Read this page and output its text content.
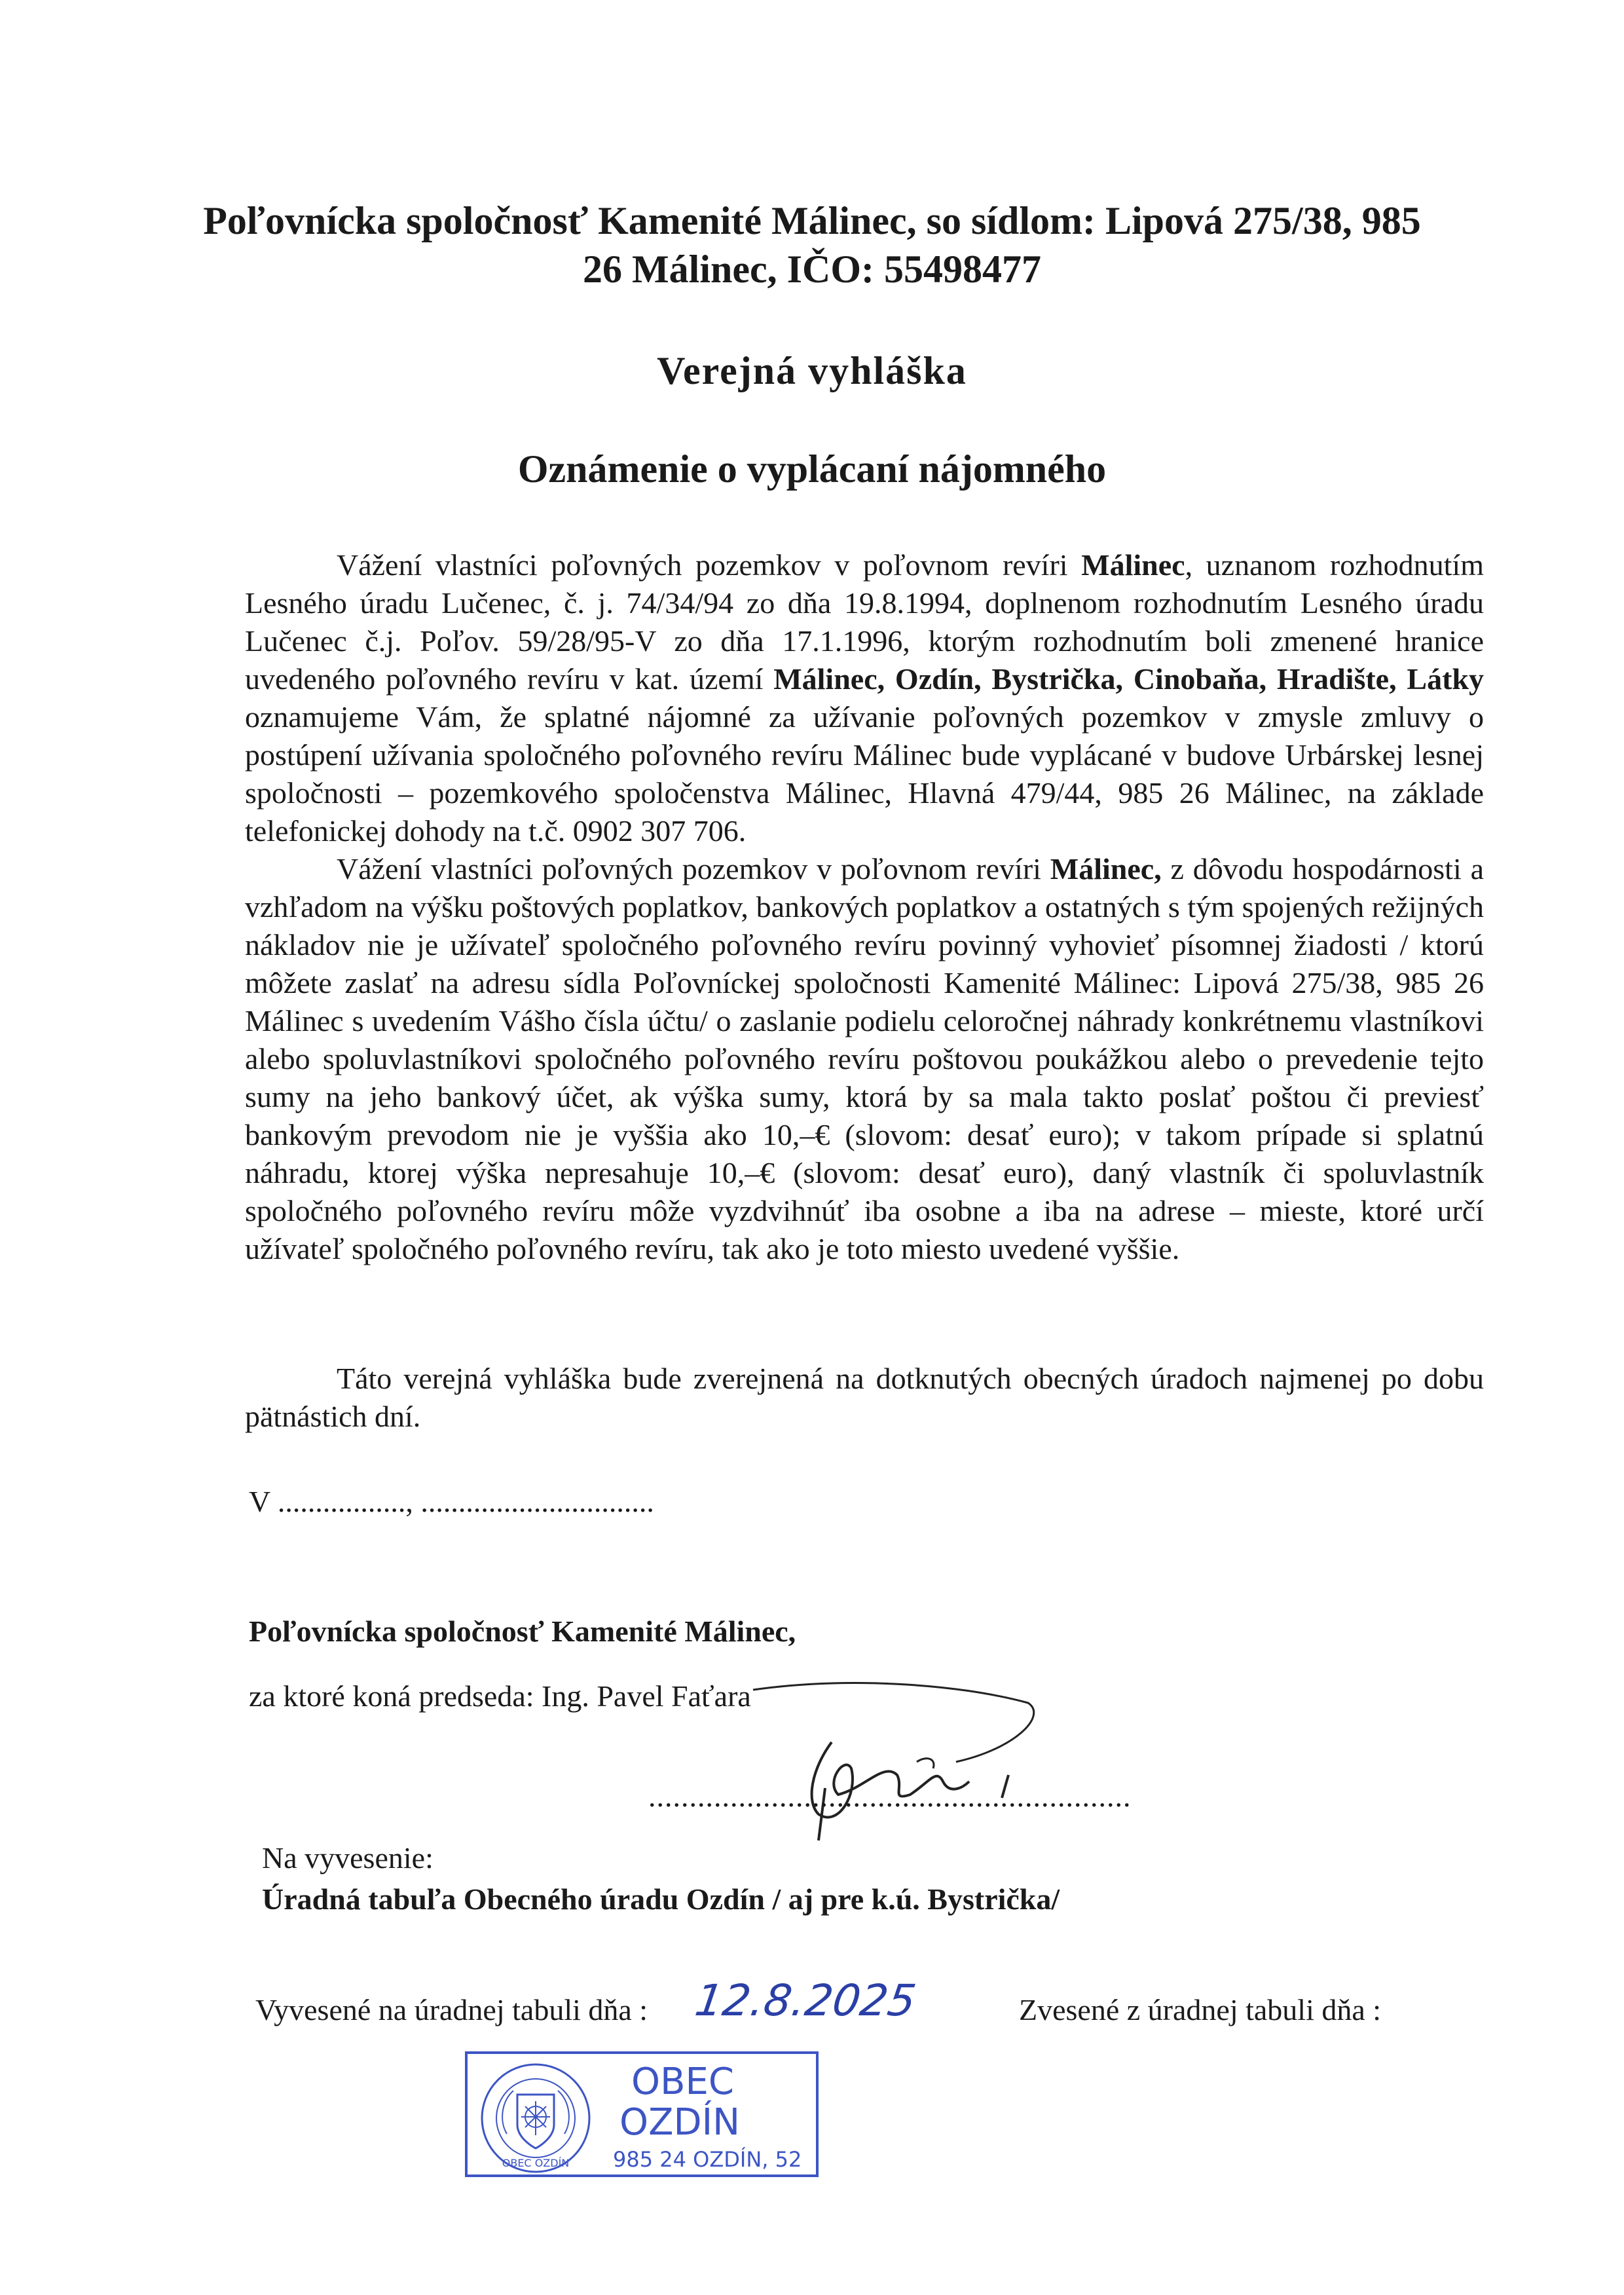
Poľovnícka spoločnosť Kamenité Málinec, so sídlom: Lipová 275/38, 985 26 Málinec, IČO: 55498477
Verejná vyhláška
Oznámenie o vyplácaní nájomného

Vážení vlastníci poľovných pozemkov v poľovnom revíri Málinec, uznanom rozhodnutím Lesného úradu Lučenec, č. j. 74/34/94 zo dňa 19.8.1994, doplnenom rozhodnutím Lesného úradu Lučenec č.j. Poľov. 59/28/95-V zo dňa 17.1.1996, ktorým rozhodnutím boli zmenené hranice uvedeného poľovného revíru v kat. území Málinec, Ozdín, Bystrička, Cinobaňa, Hradište, Látky oznamujeme Vám, že splatné nájomné za užívanie poľovných pozemkov v zmysle zmluvy o postúpení užívania spoločného poľovného revíru Málinec bude vyplácané v budove Urbárskej lesnej spoločnosti – pozemkového spoločenstva Málinec, Hlavná 479/44, 985 26 Málinec, na základe telefonickej dohody na t.č. 0902 307 706.

Vážení vlastníci poľovných pozemkov v poľovnom revíri Málinec, z dôvodu hospodárnosti a vzhľadom na výšku poštových poplatkov, bankových poplatkov a ostatných s tým spojených režijných nákladov nie je užívateľ spoločného poľovného revíru povinný vyhovieť písomnej žiadosti / ktorú môžete zaslať na adresu sídla Poľovníckej spoločnosti Kamenité Málinec: Lipová 275/38, 985 26 Málinec s uvedením Vášho čísla účtu/ o zaslanie podielu celoročnej náhrady konkrétnemu vlastníkovi alebo spoluvlastníkovi spoločného poľovného revíru poštovou poukážkou alebo o prevedenie tejto sumy na jeho bankový účet, ak výška sumy, ktorá by sa mala takto poslať poštou či previesť bankovým prevodom nie je vyššia ako 10,–€ (slovom: desať euro); v takom prípade si splatnú náhradu, ktorej výška nepresahuje 10,–€ (slovom: desať euro), daný vlastník či spoluvlastník spoločného poľovného revíru môže vyzdvihnúť iba osobne a iba na adrese – mieste, ktoré určí užívateľ spoločného poľovného revíru, tak ako je toto miesto uvedené vyššie.

Táto verejná vyhláška bude zverejnená na dotknutých obecných úradoch najmenej po dobu pätnástich dní.
V ................., ...............................
Poľovnícka spoločnosť Kamenité Málinec,
za ktoré koná predseda: Ing. Pavel Faťara
...........................................................
Na vyvesenie:
Úradná tabuľa Obecného úradu Ozdín / aj pre k.ú. Bystrička/
Vyvesené na úradnej tabuli dňa : 12.8.2025	Zvesené z úradnej tabuli dňa :
OBEC OZDÍN
OBEC
OZDÍN
985 24 OZDÍN, 52
